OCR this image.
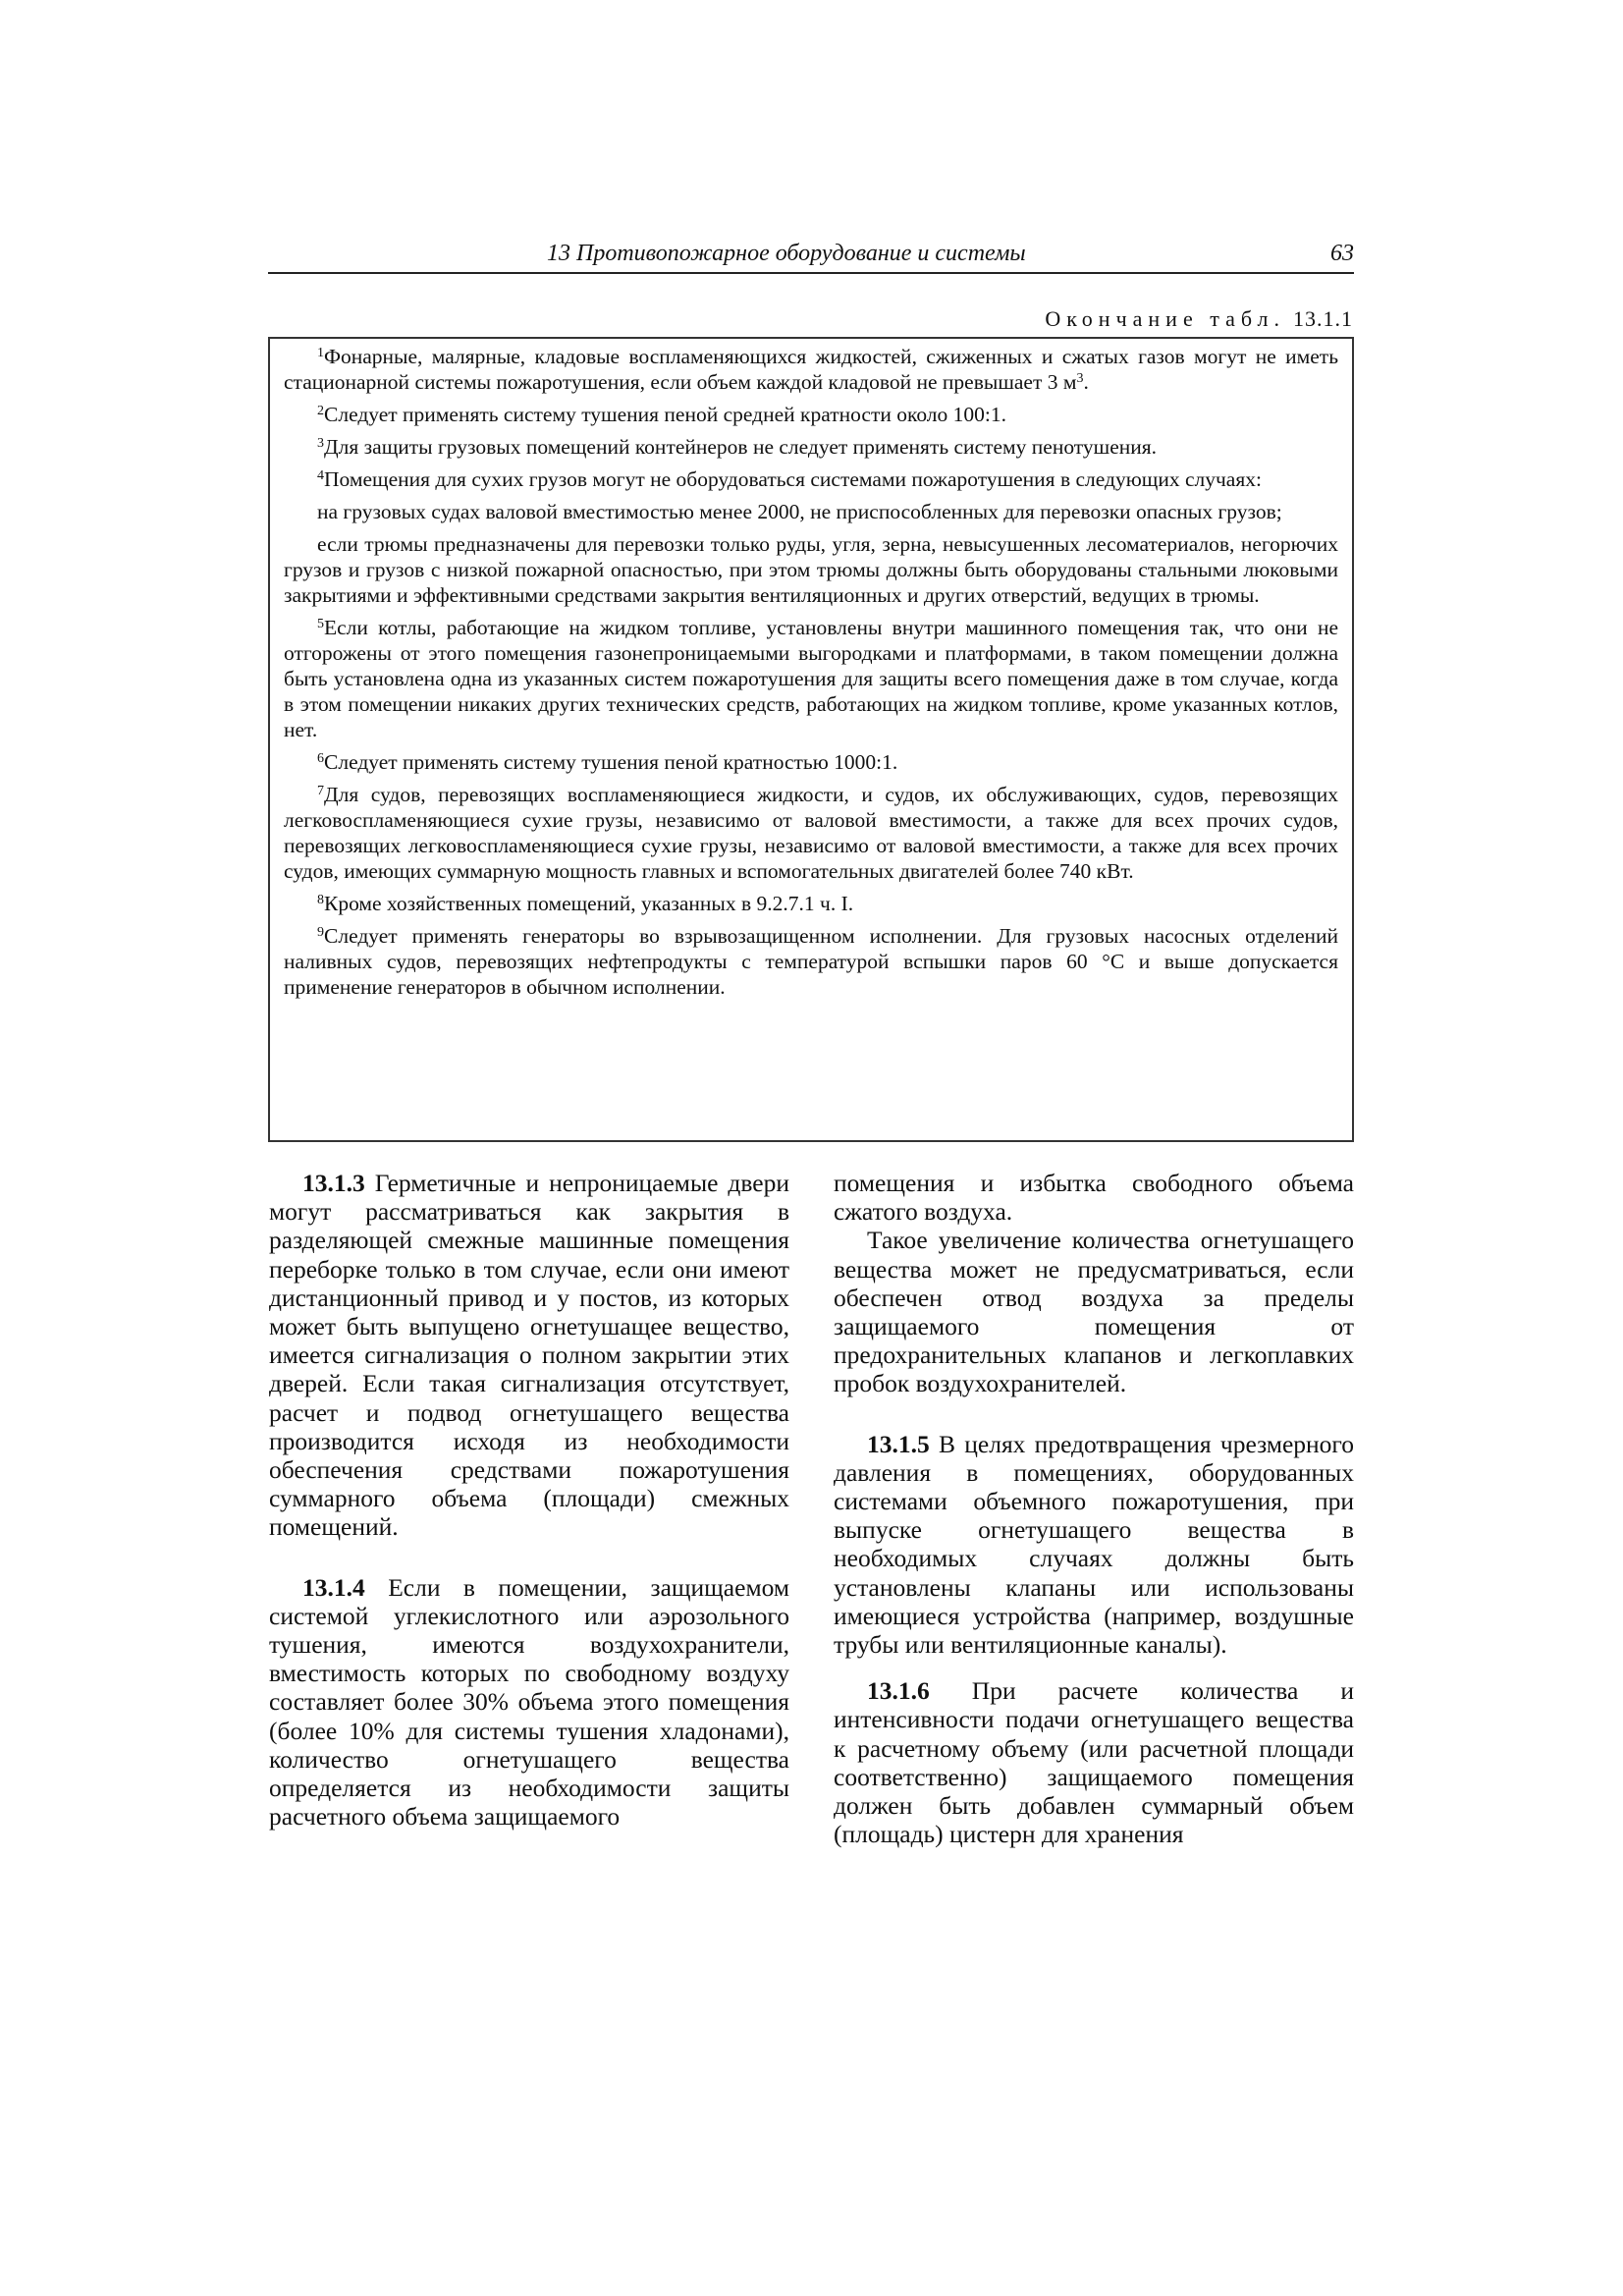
13 Противопожарное оборудование и системы	63
Окончание табл. 13.1.1

$^1$Фонарные, малярные, кладовые воспламеняющихся жидкостей, сжиженных и сжатых газов могут не иметь стационарной системы пожаротушения, если объем каждой кладовой не превышает 3 $м^3$.

$^2$Следует применять систему тушения пеной средней кратности около 100:1.

$^3$Для защиты грузовых помещений контейнеров не следует применять систему пенотушения.

$^4$Помещения для сухих грузов могут не оборудоваться системами пожаротушения в следующих случаях:

на грузовых судах валовой вместимостью менее 2000, не приспособленных для перевозки опасных грузов;

если трюмы предназначены для перевозки только руды, угля, зерна, невысушенных лесоматериалов, негорючих грузов и грузов с низкой пожарной опасностью, при этом трюмы должны быть оборудованы стальными люковыми закрытиями и эффективными средствами закрытия вентиляционных и других отверстий, ведущих в трюмы.

$^5$Если котлы, работающие на жидком топливе, установлены внутри машинного помещения так, что они не отгорожены от этого помещения газонепроницаемыми выгородками и платформами, в таком помещении должна быть установлена одна из указанных систем пожаротушения для защиты всего помещения даже в том случае, когда в этом помещении никаких других технических средств, работающих на жидком топливе, кроме указанных котлов, нет.

$^6$Следует применять систему тушения пеной кратностью 1000:1.

$^7$Для судов, перевозящих воспламеняющиеся жидкости, и судов, их обслуживающих, судов, перевозящих легковоспламеняющиеся сухие грузы, независимо от валовой вместимости, а также для всех прочих судов, перевозящих легковоспламеняющиеся сухие грузы, независимо от валовой вместимости, а также для всех прочих судов, имеющих суммарную мощность главных и вспомогательных двигателей более 740 кВт.

$^8$Кроме хозяйственных помещений, указанных в 9.2.7.1 ч. I.

$^9$Следует применять генераторы во взрывозащищенном исполнении. Для грузовых насосных отделений наливных судов, перевозящих нефтепродукты с температурой вспышки паров 60 °С и выше допускается применение генераторов в обычном исполнении.

13.1.3 Герметичные и непроницаемые двери могут рассматриваться как закрытия в разделяющей смежные машинные помещения переборке только в том случае, если они имеют дистанционный привод и у постов, из которых может быть выпущено огнетушащее вещество, имеется сигнализация о полном закрытии этих дверей. Если такая сигнализация отсутствует, расчет и подвод огнетушащего вещества производится исходя из необходимости обеспечения средствами пожаротушения суммарного объема (площади) смежных помещений.

13.1.4 Если в помещении, защищаемом системой углекислотного или аэрозольного тушения, имеются воздухохранители, вместимость которых по свободному воздуху составляет более 30% объема этого помещения (более 10% для системы тушения хладонами), количество огнетушащего вещества определяется из необходимости защиты расчетного объема защищаемого

помещения и избытка свободного объема сжатого воздуха.

Такое увеличение количества огнетушащего вещества может не предусматриваться, если обеспечен отвод воздуха за пределы защищаемого помещения от предохранительных клапанов и легкоплавких пробок воздухохранителей.

13.1.5 В целях предотвращения чрезмерного давления в помещениях, оборудованных системами объемного пожаротушения, при выпуске огнетушащего вещества в необходимых случаях должны быть установлены клапаны или использованы имеющиеся устройства (например, воздушные трубы или вентиляционные каналы).

13.1.6 При расчете количества и интенсивности подачи огнетушащего вещества к расчетному объему (или расчетной площади соответственно) защищаемого помещения должен быть добавлен суммарный объем (площадь) цистерн для хранения
